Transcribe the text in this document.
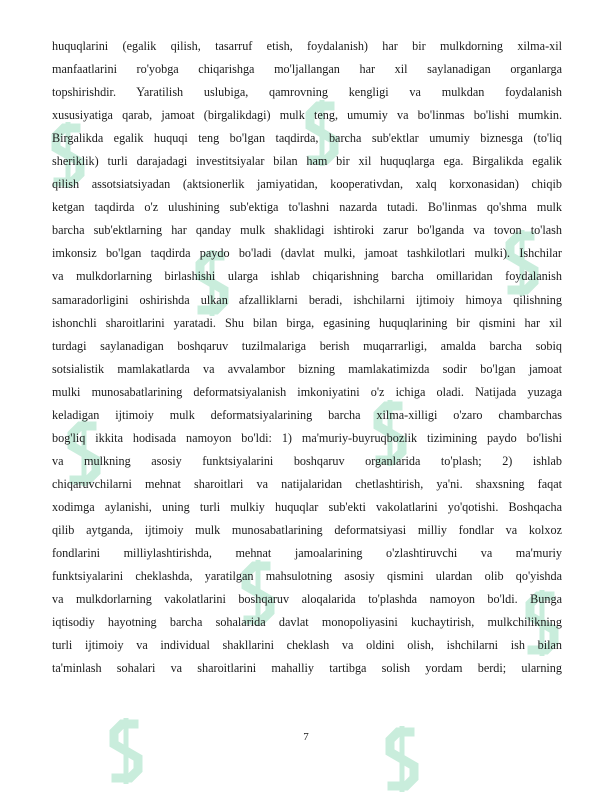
huquqlarini (egalik qilish, tasarruf etish, foydalanish) har bir mulkdorning xilma-xil
manfaatlarini ro'yobga chiqarishga mo'ljallangan har xil saylanadigan organlarga
topshirishdir. Yaratilish uslubiga, qamrovning kengligi va mulkdan foydalanish
xususiyatiga qarab, jamoat (birgalikdagi) mulk teng, umumiy va bo'linmas bo'lishi mumkin.
Birgalikda egalik huquqi teng bo'lgan taqdirda, barcha sub'ektlar umumiy biznesga (to'liq
sheriklik) turli darajadagi investitsiyalar bilan ham bir xil huquqlarga ega. Birgalikda egalik
qilish assotsiatsiyadan (aktsionerlik jamiyatidan, kooperativdan, xalq korxonasidan) chiqib
ketgan taqdirda o'z ulushining sub'ektiga to'lashni nazarda tutadi. Bo'linmas qo'shma mulk
barcha sub'ektlarning har qanday mulk shaklidagi ishtiroki zarur bo'lganda va tovon to'lash
imkonsiz bo'lgan taqdirda paydo bo'ladi (davlat mulki, jamoat tashkilotlari mulki). Ishchilar
va mulkdorlarning birlashishi ularga ishlab chiqarishning barcha omillaridan foydalanish
samaradorligini oshirishda ulkan afzalliklarni beradi, ishchilarni ijtimoiy himoya qilishning
ishonchli sharoitlarini yaratadi. Shu bilan birga, egasining huquqlarining bir qismini har xil
turdagi saylanadigan boshqaruv tuzilmalariga berish muqarrarligi, amalda barcha sobiq
sotsialistik mamlakatlarda va avvalambor bizning mamlakatimizda sodir bo'lgan jamoat
mulki munosabatlarining deformatsiyalanish imkoniyatini o'z ichiga oladi. Natijada yuzaga
keladigan ijtimoiy mulk deformatsiyalarining barcha xilma-xilligi o'zaro chambarchas
bog'liq ikkita hodisada namoyon bo'ldi: 1) ma'muriy-buyruqbozlik tizimining paydo bo'lishi
va mulkning asosiy funktsiyalarini boshqaruv organlarida to'plash; 2) ishlab
chiqaruvchilarni mehnat sharoitlari va natijalaridan chetlashtirish, ya'ni. shaxsning faqat
xodimga aylanishi, uning turli mulkiy huquqlar sub'ekti vakolatlarini yo'qotishi. Boshqacha
qilib aytganda, ijtimoiy mulk munosabatlarining deformatsiyasi milliy fondlar va kolxoz
fondlarini milliylashtirishda, mehnat jamoalarining o'zlashtiruvchi va ma'muriy
funktsiyalarini cheklashda, yaratilgan mahsulotning asosiy qismini ulardan olib qo'yishda
va mulkdorlarning vakolatlarini boshqaruv aloqalarida to'plashda namoyon bo'ldi. Bunga
iqtisodiy hayotning barcha sohalarida davlat monopoliyasini kuchaytirish, mulkchilikning
turli ijtimoiy va individual shakllarini cheklash va oldini olish, ishchilarni ish bilan
ta'minlash sohalari va sharoitlarini mahalliy tartibga solish yordam berdi; ularning
7
